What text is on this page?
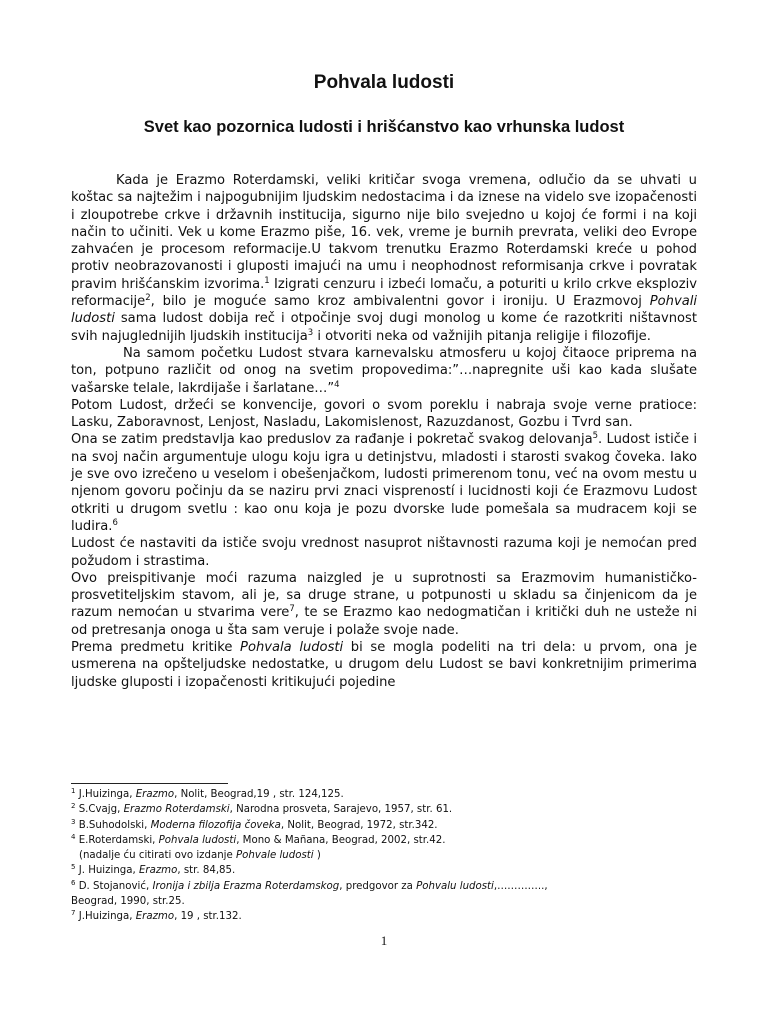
Pohvala ludosti
Svet kao pozornica ludosti i hrišćanstvo kao vrhunska ludost

Kada je Erazmo Roterdamski, veliki kritičar svoga vremena, odlučio da se uhvati u koštac sa najtežim i najpogubnijim ljudskim nedostacima i da iznese na videlo sve izopačenosti i zloupotrebe crkve i državnih institucija, sigurno nije bilo svejedno u kojoj će formi i na koji način to učiniti. Vek u kome Erazmo piše, 16. vek, vreme je burnih prevrata, veliki deo Evrope zahvaćen je procesom reformacije.U takvom trenutku Erazmo Roterdamski kreće u pohod protiv neobrazovanosti i gluposti imajući na umu i neophodnost reformisanja crkve i povratak pravim hrišćanskim izvorima.$^1$ Izigrati cenzuru i izbeći lomaču, a poturiti u krilo crkve eksploziv reformacije$^2$, bilo je moguće samo kroz ambivalentni govor i ironiju. U Erazmovoj Pohvali ludosti sama ludost dobija reč i otpočinje svoj dugi monolog u kome će razotkriti ništavnost svih najuglednijih ljudskih institucija$^3$ i otvoriti neka od važnijih pitanja religije i filozofije.

Na samom početku Ludost stvara karnevalsku atmosferu u kojoj čitaoce priprema na ton, potpuno različit od onog na svetim propovedima:”…napregnite uši kao kada slušate vašarske telale, lakrdijaše i šarlatane…”$^4$

Potom Ludost, držeći se konvencije, govori o svom poreklu i nabraja svoje verne pratioce: Lasku, Zaboravnost, Lenjost, Nasladu, Lakomislenost, Razuzdanost, Gozbu i Tvrd san.

Ona se zatim predstavlja kao preduslov za rađanje i pokretač svakog delovanja$^5$. Ludost ističe i na svoj način argumentuje ulogu koju igra u detinjstvu, mladosti i starosti svakog čoveka. Iako je sve ovo izrečeno u veselom i obešenjačkom, ludosti primerenom tonu, već na ovom mestu u njenom govoru počinju da se naziru prvi znaci vispreností i lucidnosti koji će Erazmovu Ludost otkriti u drugom svetlu : kao onu koja je pozu dvorske lude pomešala sa mudracem koji se ludira.$^6$

Ludost će nastaviti da ističe svoju vrednost nasuprot ništavnosti razuma koji je nemoćan pred požudom i strastima.

Ovo preispitivanje moći razuma naizgled je u suprotnosti sa Erazmovim humanističko-prosvetiteljskim stavom, ali je, sa druge strane, u potpunosti u skladu sa činjenicom da je razum nemoćan u stvarima vere$^7$, te se Erazmo kao nedogmatičan i kritički duh ne usteže ni od pretresanja onoga u šta sam veruje i polaže svoje nade.

Prema predmetu kritike Pohvala ludosti bi se mogla podeliti na tri dela: u prvom, ona je usmerena na opšteljudske nedostatke, u drugom delu Ludost se bavi konkretnijim primerima ljudske gluposti i izopačenosti kritikujući pojedine

$^1$ J.Huizinga, Erazmo, Nolit, Beograd,19 , str. 124,125.

$^2$ S.Cvajg, Erazmo Roterdamski, Narodna prosveta, Sarajevo, 1957, str. 61.

$^3$ B.Suhodolski, Moderna filozofija čoveka, Nolit, Beograd, 1972, str.342.

$^4$ E.Roterdamski, Pohvala ludosti, Mono & Mañana, Beograd, 2002, str.42.

(nadalje ću citirati ovo izdanje Pohvale ludosti )

$^5$ J. Huizinga, Erazmo, str. 84,85.

$^6$ D. Stojanović, Ironija i zbilja Erazma Roterdamskog, predgovor za Pohvalu ludosti,…………..,

Beograd, 1990, str.25.

$^7$ J.Huizinga, Erazmo, 19 , str.132.

1
